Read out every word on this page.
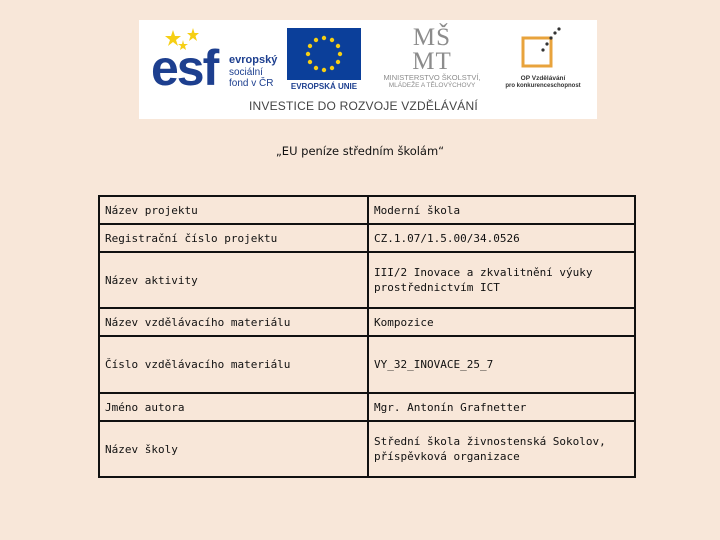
esf evropský
sociální
fond v ČR	EVROPSKÁ UNIE
MŠ MT
MINISTERSTVO ŠKOLSTVÍ,
MLÁDEŽE A TĚLOVÝCHOVY
OP Vzdělávání
pro konkurenceschopnost
INVESTICE DO ROZVOJE VZDĚLÁVÁNÍ
„EU peníze středním školám“
Název projektu	Moderní škola
Registrační číslo projektu	CZ.1.07/1.5.00/34.0526
Název aktivity	III/2 Inovace a zkvalitnění výuky prostřednictvím ICT
Název vzdělávacího materiálu	Kompozice
Číslo vzdělávacího materiálu	VY_32_INOVACE_25_7
Jméno autora	Mgr. Antonín Grafnetter
Název školy	Střední škola živnostenská Sokolov, příspěvková organizace
